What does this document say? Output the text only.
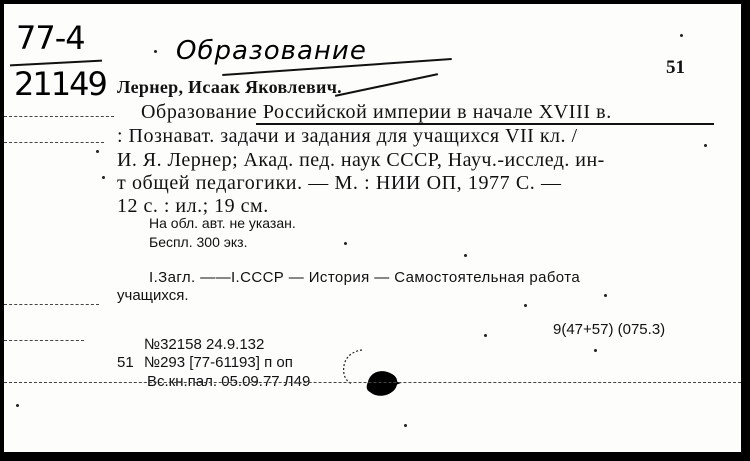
77-4
21149
Образование
51
Лернер, Исаак Яковлевич.
Образование Российской империи в начале XVIII в.
: Познават. задачи и задания для учащихся VII кл. /
И. Я. Лернер; Акад. пед. наук СССР, Науч.-исслед. ин-
т общей педагогики. — М. : НИИ ОП, 1977 С. —
12 с. : ил.; 19 см.
На обл. авт. не указан.
Беспл. 300 экз.
I.Загл. ——I.СССР — История — Самостоятельная работа
учащихся.
9(47+57) (075.3)
№32158 24.9.132
51 №293 [77-61193] п оп
Вс.кн.пал. 05.09.77 Л49
